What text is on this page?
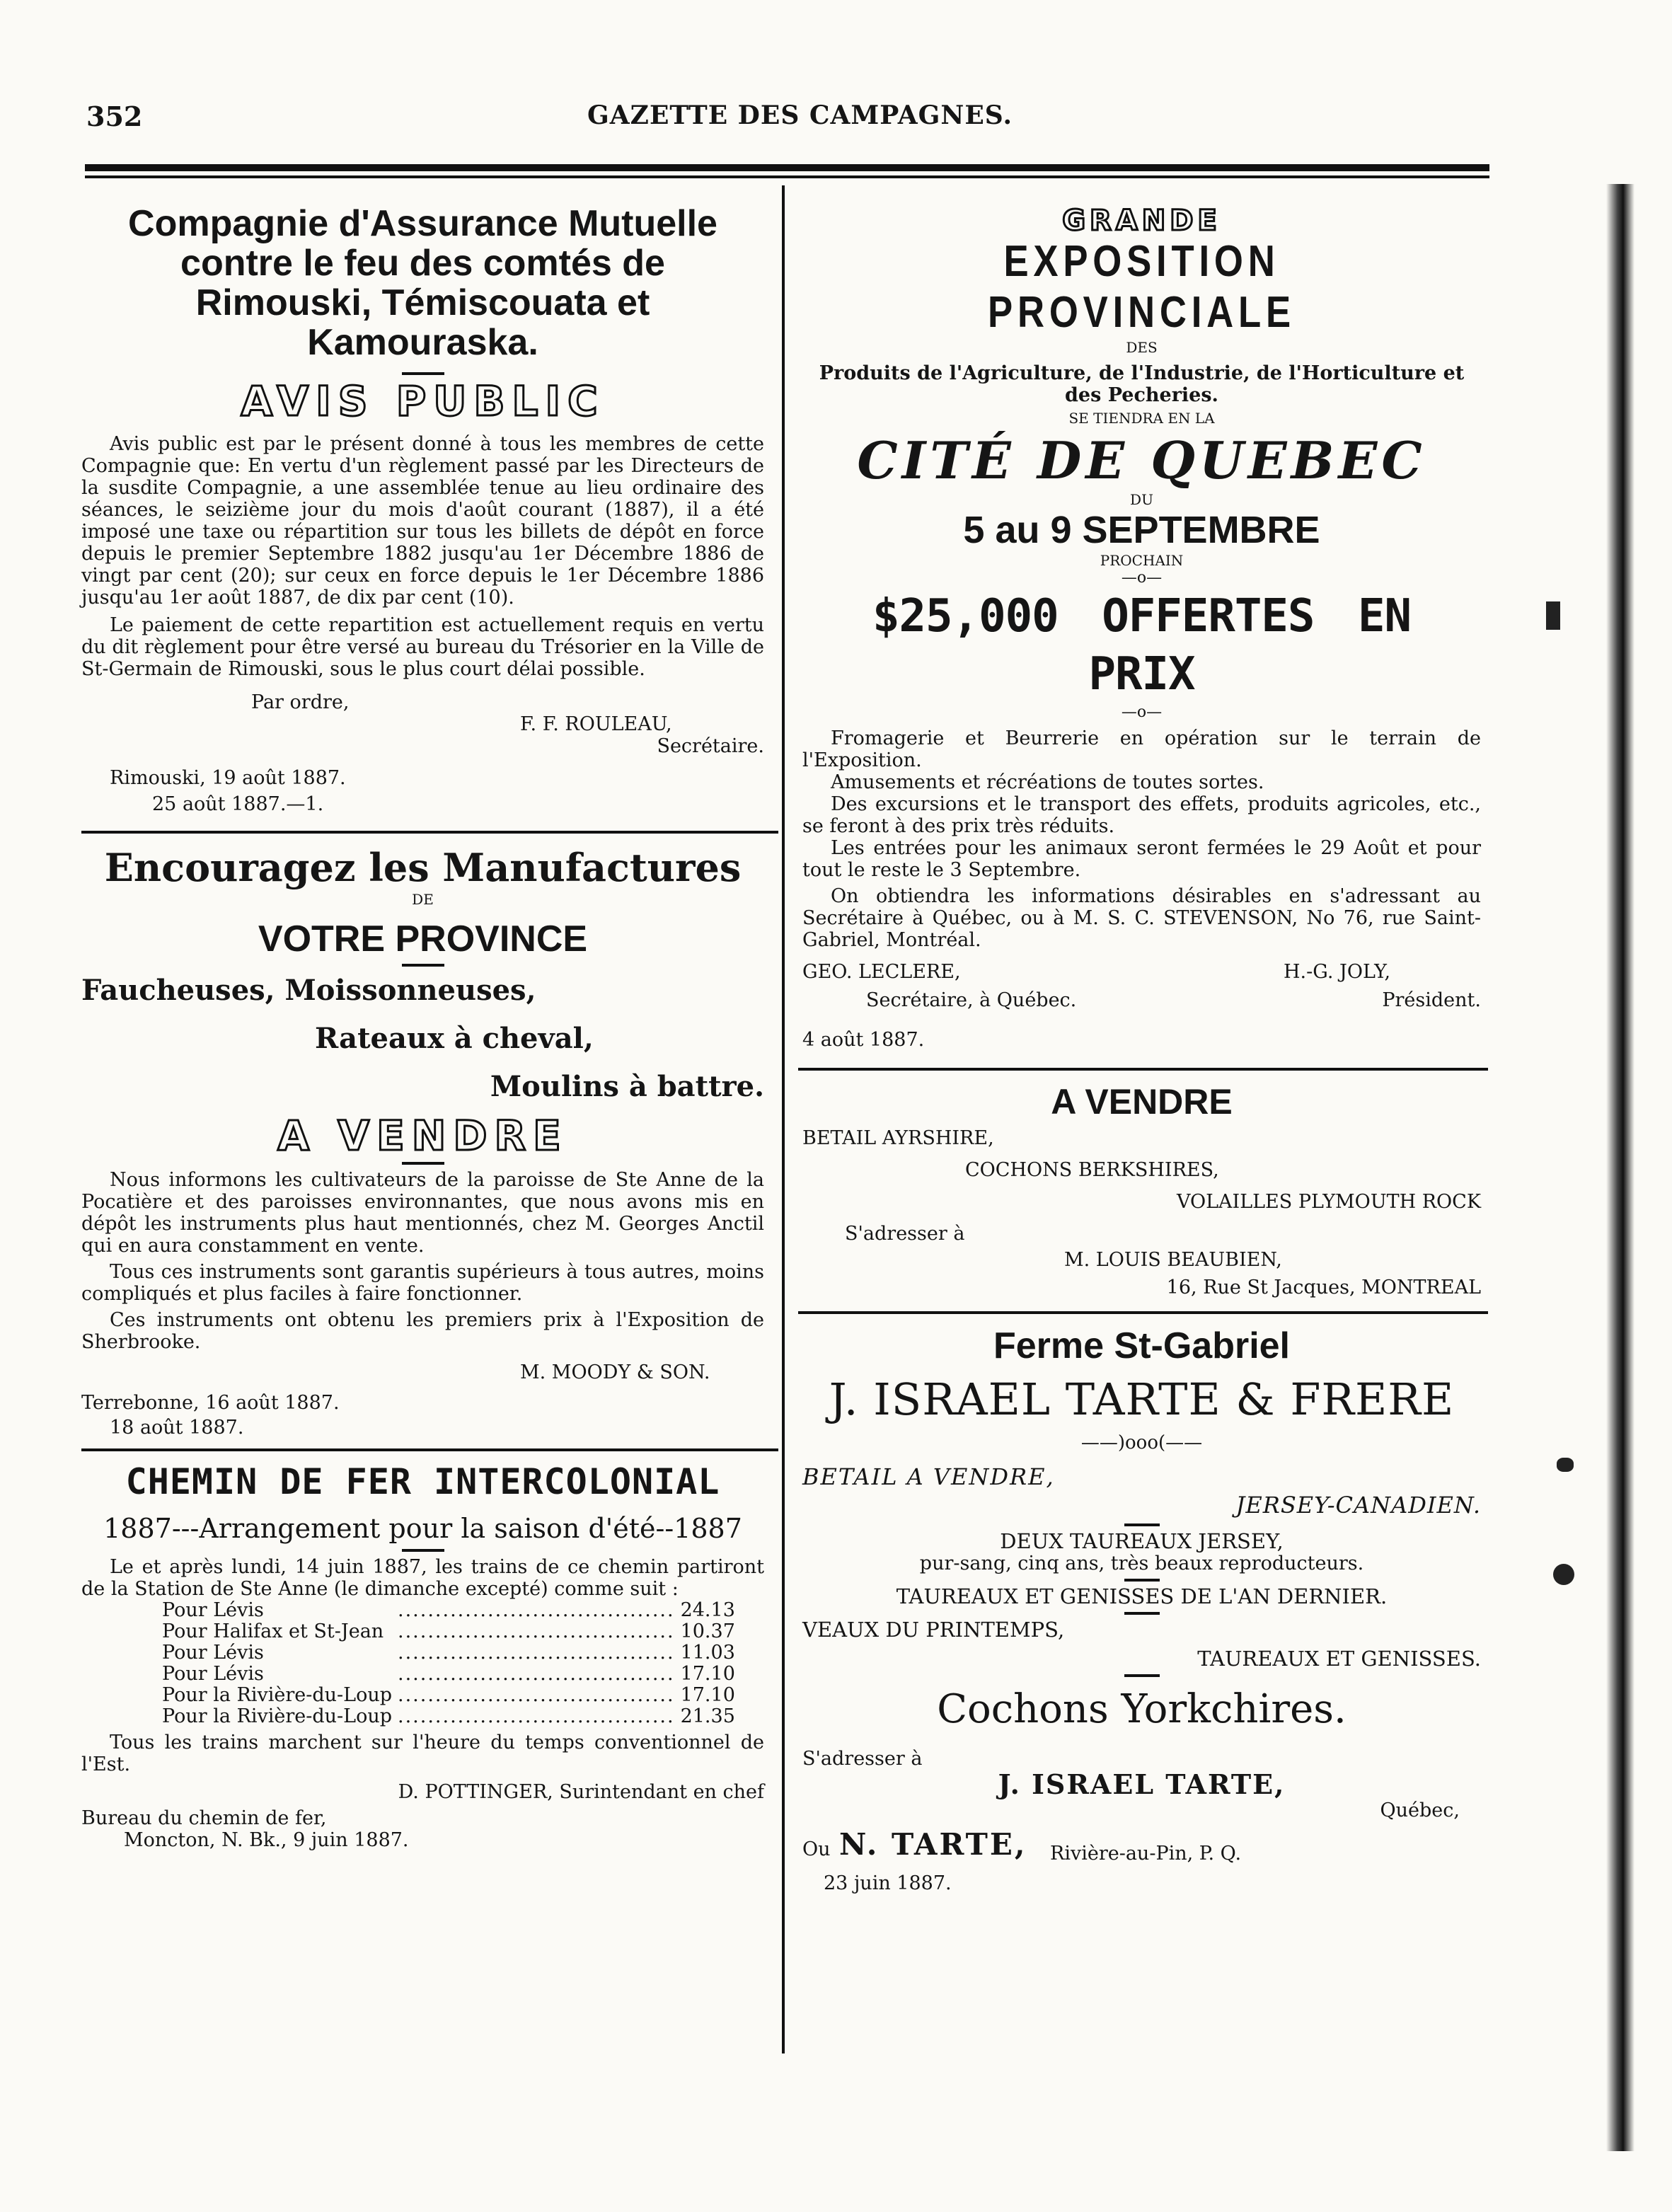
352	GAZETTE DES CAMPAGNES.
Compagnie d'Assurance Mutuelle contre le feu des comtés de Rimouski, Témiscouata et Kamouraska.
AVIS PUBLIC

Avis public est par le présent donné à tous les membres de cette Compagnie que: En vertu d'un règlement passé par les Directeurs de la susdite Compagnie, a une assemblée tenue au lieu ordinaire des séances, le seizième jour du mois d'août courant (1887), il a été imposé une taxe ou répartition sur tous les billets de dépôt en force depuis le premier Septembre 1882 jusqu'au 1er Décembre 1886 de vingt par cent (20); sur ceux en force depuis le 1er Décembre 1886 jusqu'au 1er août 1887, de dix par cent (10).

Le paiement de cette repartition est actuellement requis en vertu du dit règlement pour être versé au bureau du Trésorier en la Ville de St-Germain de Rimouski, sous le plus court délai possible.

Par ordre,

F. F. ROULEAU,

Secrétaire.

Rimouski, 19 août 1887.

25 août 1887.—1.

Encouragez les Manufactures
DE
VOTRE PROVINCE
Faucheuses, Moissonneuses,
Rateaux à cheval,
Moulins à battre.
A VENDRE

Nous informons les cultivateurs de la paroisse de Ste Anne de la Pocatière et des paroisses environnantes, que nous avons mis en dépôt les instruments plus haut mentionnés, chez M. Georges Anctil qui en aura constamment en vente.

Tous ces instruments sont garantis supérieurs à tous autres, moins compliqués et plus faciles à faire fonctionner.

Ces instruments ont obtenu les premiers prix à l'Exposition de Sherbrooke.

M. MOODY & SON.

Terrebonne, 16 août 1887.

18 août 1887.

CHEMIN DE FER INTERCOLONIAL
1887---Arrangement pour la saison d'été--1887

Le et après lundi, 14 juin 1887, les trains de ce chemin partiront de la Station de Ste Anne (le dimanche excepté) comme suit :

Pour Lévis	.....................................	24.13
Pour Halifax et St-Jean	.....................................	10.37
Pour Lévis	.....................................	11.03
Pour Lévis	.....................................	17.10
Pour la Rivière-du-Loup	.....................................	17.10
Pour la Rivière-du-Loup	.....................................	21.35

Tous les trains marchent sur l'heure du temps conventionnel de l'Est.

D. POTTINGER, Surintendant en chef

Bureau du chemin de fer,

Moncton, N. Bk., 9 juin 1887.

GRANDE
EXPOSITION PROVINCIALE
DES
Produits de l'Agriculture, de l'Industrie, de l'Horticulture et des Pecheries.
SE TIENDRA EN LA
CITÉ DE QUEBEC
DU
5 au 9 SEPTEMBRE
PROCHAIN
—o—
$25,000 OFFERTES EN PRIX
—o—

Fromagerie et Beurrerie en opération sur le terrain de l'Exposition.

Amusements et récréations de toutes sortes.

Des excursions et le transport des effets, produits agricoles, etc., se feront à des prix très réduits.

Les entrées pour les animaux seront fermées le 29 Août et pour tout le reste le 3 Septembre.

On obtiendra les informations désirables en s'adressant au Secrétaire à Québec, ou à M. S. C. STEVENSON, No 76, rue Saint-Gabriel, Montréal.

GEO. LECLERE,
Secrétaire, à Québec.
H.-G. JOLY,
Président.

4 août 1887.

A VENDRE

BETAIL AYRSHIRE,

COCHONS BERKSHIRES,

VOLAILLES PLYMOUTH ROCK

S'adresser à

M. LOUIS BEAUBIEN,

16, Rue St Jacques, MONTREAL

Ferme St-Gabriel
J. ISRAEL TARTE & FRERE
——)ooo(——

BETAIL A VENDRE,

JERSEY-CANADIEN.

DEUX TAUREAUX JERSEY,

pur-sang, cinq ans, très beaux reproducteurs.

TAUREAUX ET GENISSES DE L'AN DERNIER.

VEAUX DU PRINTEMPS,

TAUREAUX ET GENISSES.

Cochons Yorkchires.

S'adresser à

J. ISRAEL TARTE,

Québec,

Ou N. TARTE, Rivière-au-Pin, P. Q.

23 juin 1887.
